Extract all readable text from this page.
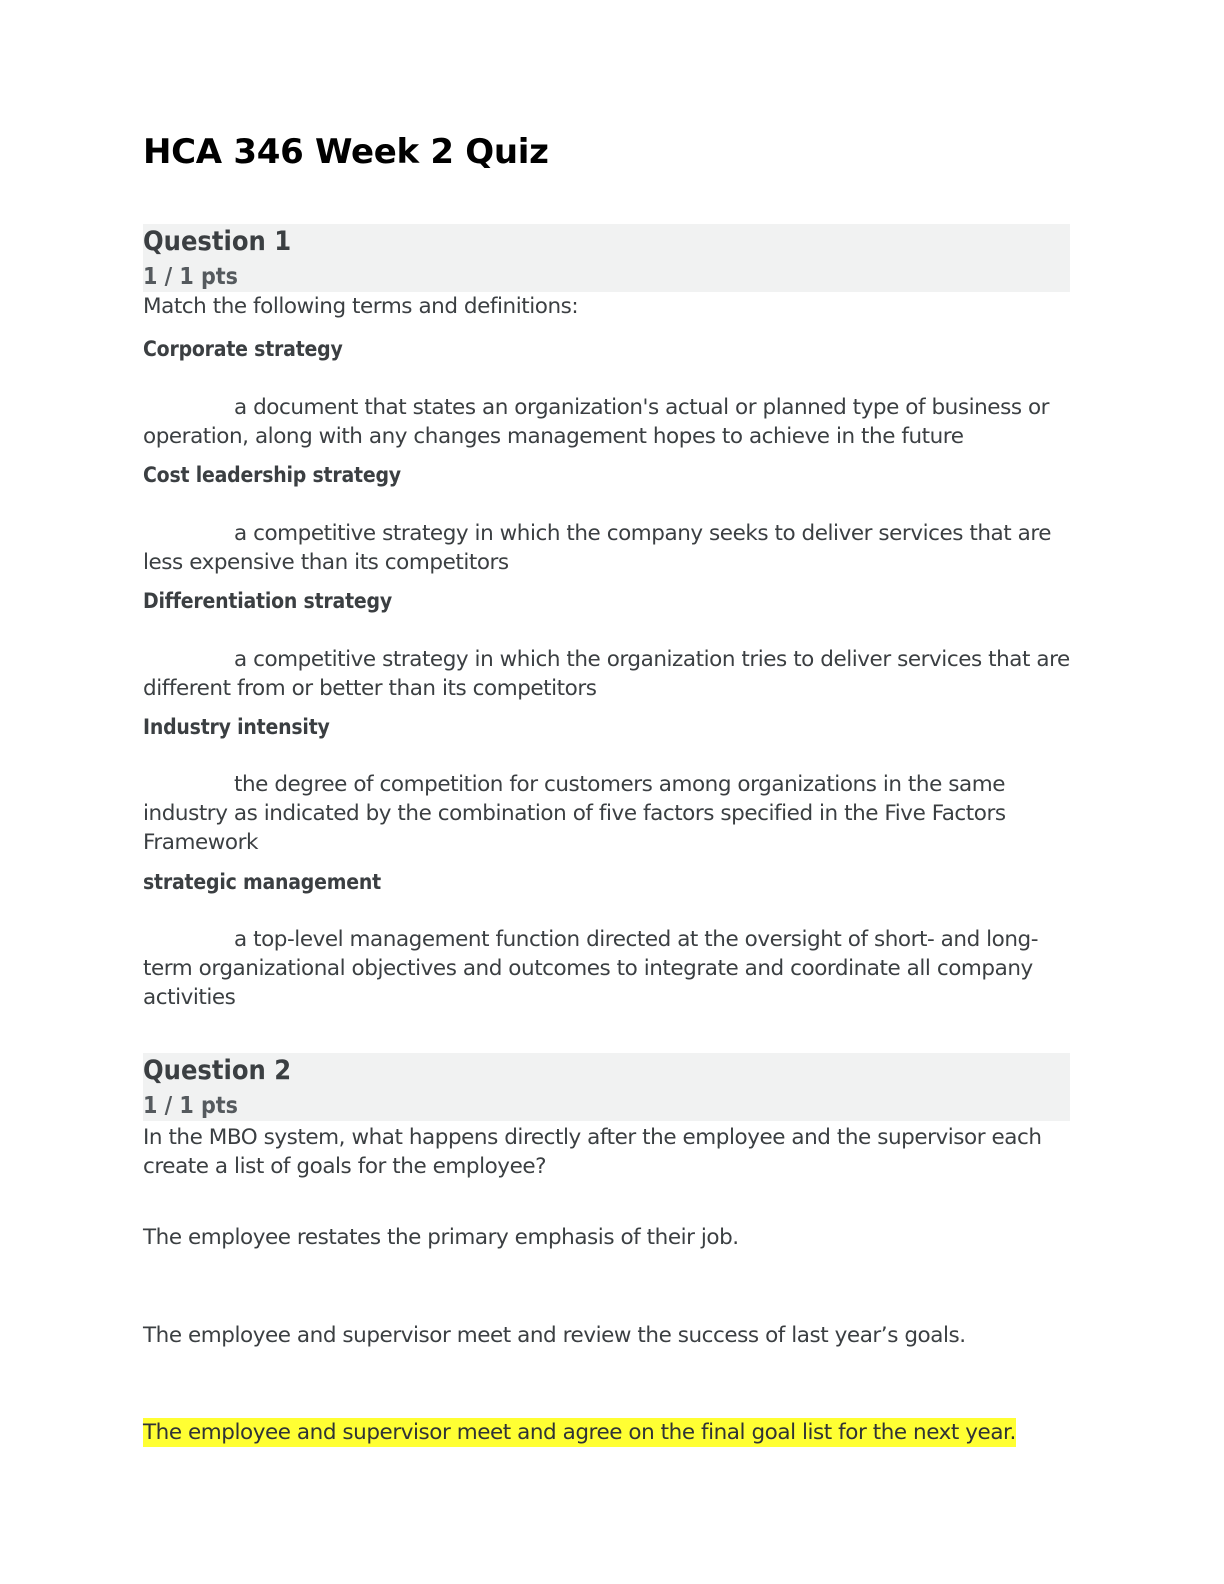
HCA 346 Week 2 Quiz
Question 1
1 / 1 pts

Match the following terms and definitions:

Corporate strategy

a document that states an organization's actual or planned type of business or operation, along with any changes management hopes to achieve in the future

Cost leadership strategy

a competitive strategy in which the company seeks to deliver services that are less expensive than its competitors

Differentiation strategy

a competitive strategy in which the organization tries to deliver services that are different from or better than its competitors

Industry intensity

the degree of competition for customers among organizations in the same industry as indicated by the combination of five factors specified in the Five Factors Framework

strategic management

a top-level management function directed at the oversight of short- and long-term organizational objectives and outcomes to integrate and coordinate all company activities

Question 2
1 / 1 pts

In the MBO system, what happens directly after the employee and the supervisor each create a list of goals for the employee?

The employee restates the primary emphasis of their job.
The employee and supervisor meet and review the success of last year’s goals.
The employee and supervisor meet and agree on the final goal list for the next year.
